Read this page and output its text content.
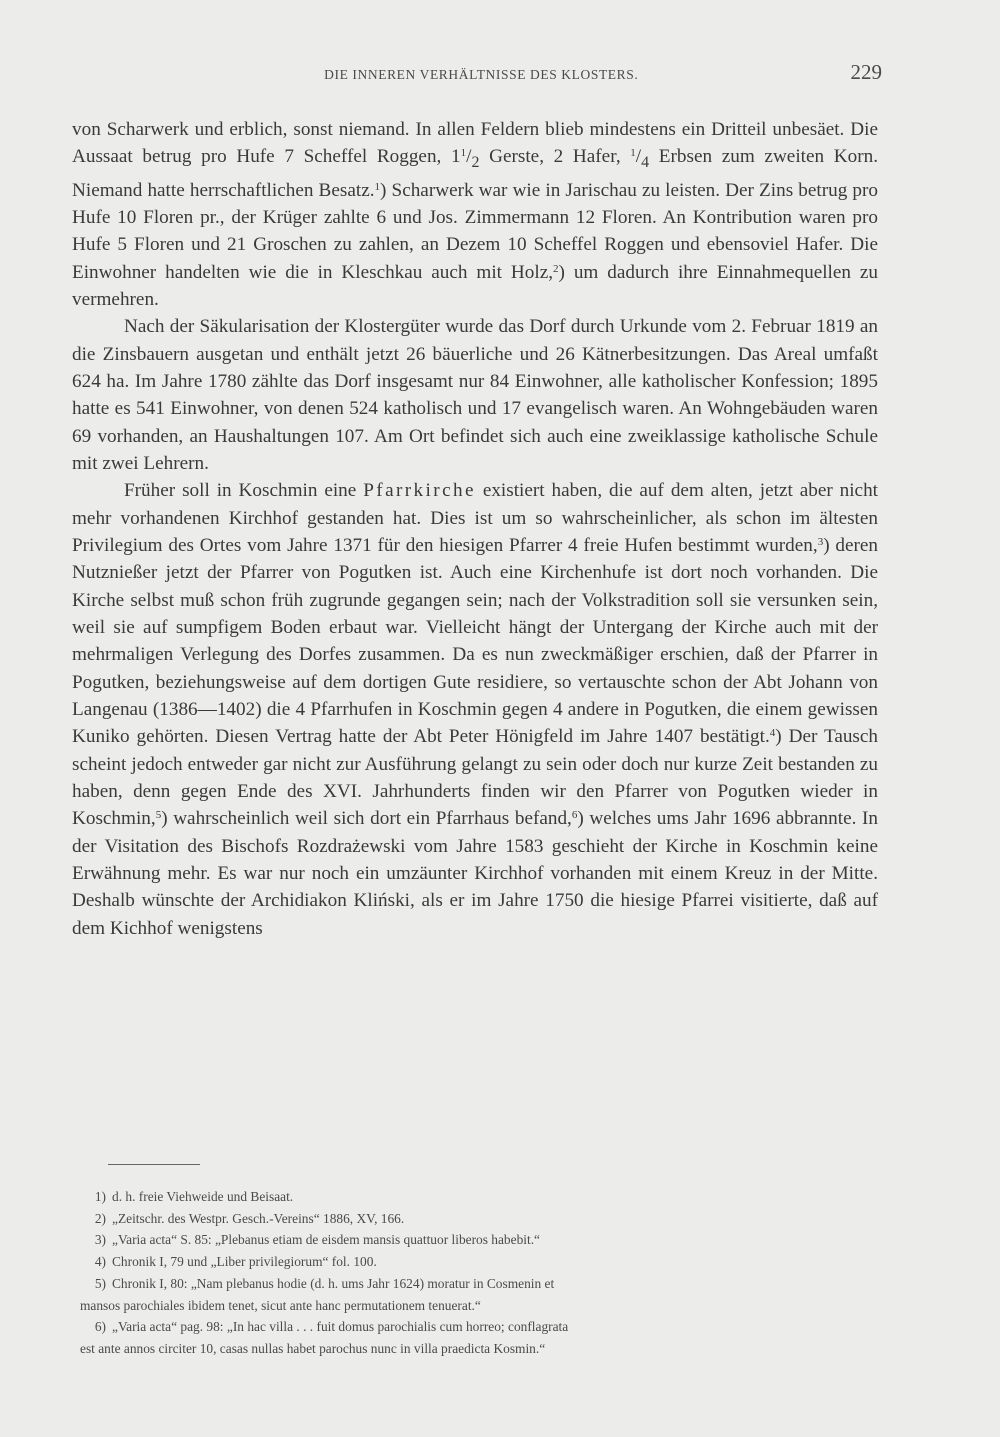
DIE INNEREN VERHÄLTNISSE DES KLOSTERS.	229

von Scharwerk und erblich, sonst niemand. In allen Feldern blieb mindestens ein Dritteil unbesäet. Die Aussaat betrug pro Hufe 7 Scheffel Roggen, $1^1/_2$ Gerste, 2 Hafer, $^1/_4$ Erbsen zum zweiten Korn. Niemand hatte herrschaftlichen Besatz.$^1$) Scharwerk war wie in Jarischau zu leisten. Der Zins betrug pro Hufe 10 Floren pr., der Krüger zahlte 6 und Jos. Zimmermann 12 Floren. An Kontribution waren pro Hufe 5 Floren und 21 Groschen zu zahlen, an Dezem 10 Scheffel Roggen und ebensoviel Hafer. Die Einwohner handelten wie die in Kleschkau auch mit Holz,$^2$) um dadurch ihre Einnahmequellen zu vermehren.

Nach der Säkularisation der Klostergüter wurde das Dorf durch Urkunde vom 2. Februar 1819 an die Zinsbauern ausgetan und enthält jetzt 26 bäuerliche und 26 Kätnerbesitzungen. Das Areal umfaßt 624 ha. Im Jahre 1780 zählte das Dorf insgesamt nur 84 Einwohner, alle katholischer Konfession; 1895 hatte es 541 Einwohner, von denen 524 katholisch und 17 evangelisch waren. An Wohngebäuden waren 69 vorhanden, an Haushaltungen 107. Am Ort befindet sich auch eine zweiklassige katholische Schule mit zwei Lehrern.

Früher soll in Koschmin eine Pfarrkirche existiert haben, die auf dem alten, jetzt aber nicht mehr vorhandenen Kirchhof gestanden hat. Dies ist um so wahrscheinlicher, als schon im ältesten Privilegium des Ortes vom Jahre 1371 für den hiesigen Pfarrer 4 freie Hufen bestimmt wurden,$^3$) deren Nutznießer jetzt der Pfarrer von Pogutken ist. Auch eine Kirchenhufe ist dort noch vorhanden. Die Kirche selbst muß schon früh zugrunde gegangen sein; nach der Volkstradition soll sie versunken sein, weil sie auf sumpfigem Boden erbaut war. Vielleicht hängt der Untergang der Kirche auch mit der mehrmaligen Verlegung des Dorfes zusammen. Da es nun zweckmäßiger erschien, daß der Pfarrer in Pogutken, beziehungsweise auf dem dortigen Gute residiere, so vertauschte schon der Abt Johann von Langenau (1386—1402) die 4 Pfarrhufen in Koschmin gegen 4 andere in Pogutken, die einem gewissen Kuniko gehörten. Diesen Vertrag hatte der Abt Peter Hönigfeld im Jahre 1407 bestätigt.$^4$) Der Tausch scheint jedoch entweder gar nicht zur Ausführung gelangt zu sein oder doch nur kurze Zeit bestanden zu haben, denn gegen Ende des XVI. Jahrhunderts finden wir den Pfarrer von Pogutken wieder in Koschmin,$^5$) wahrscheinlich weil sich dort ein Pfarrhaus befand,$^6$) welches ums Jahr 1696 abbrannte. In der Visitation des Bischofs Rozdrażewski vom Jahre 1583 geschieht der Kirche in Koschmin keine Erwähnung mehr. Es war nur noch ein umzäunter Kirchhof vorhanden mit einem Kreuz in der Mitte. Deshalb wünschte der Archidiakon Kliński, als er im Jahre 1750 die hiesige Pfarrei visitierte, daß auf dem Kichhof wenigstens

1) d. h. freie Viehweide und Beisaat.

2) „Zeitschr. des Westpr. Gesch.-Vereins“ 1886, XV, 166.

3) „Varia acta“ S. 85: „Plebanus etiam de eisdem mansis quattuor liberos habebit.“

4) Chronik I, 79 und „Liber privilegiorum“ fol. 100.

5) Chronik I, 80: „Nam plebanus hodie (d. h. ums Jahr 1624) moratur in Cosmenin et

mansos parochiales ibidem tenet, sicut ante hanc permutationem tenuerat.“

6) „Varia acta“ pag. 98: „In hac villa . . . fuit domus parochialis cum horreo; conflagrata

est ante annos circiter 10, casas nullas habet parochus nunc in villa praedicta Kosmin.“
